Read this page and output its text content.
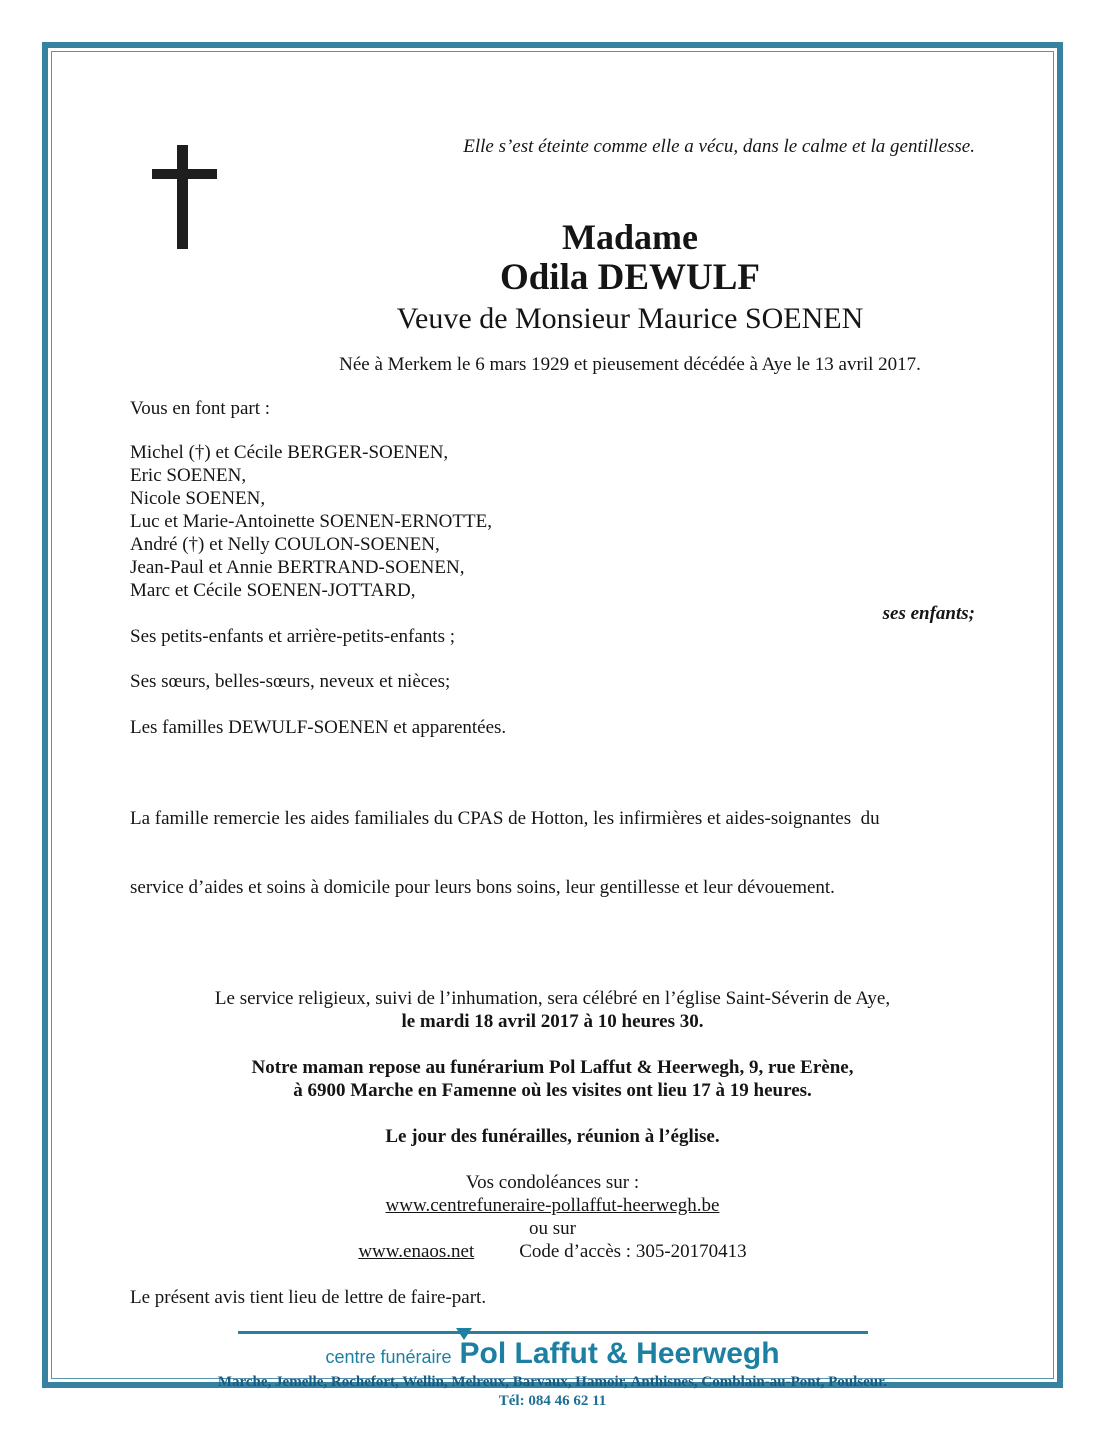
Elle s’est éteinte comme elle a vécu, dans le calme et la gentillesse.
Madame
Odila DEWULF
Veuve de Monsieur Maurice SOENEN
Née à Merkem le 6 mars 1929 et pieusement décédée à Aye le 13 avril 2017.
Vous en font part :
Michel (†) et Cécile BERGER-SOENEN,
Eric SOENEN,
Nicole SOENEN,
Luc et Marie-Antoinette SOENEN-ERNOTTE,
André (†) et Nelly COULON-SOENEN,
Jean-Paul et Annie BERTRAND-SOENEN,
Marc et Cécile SOENEN-JOTTARD,
ses enfants;
Ses petits-enfants et arrière-petits-enfants ;
Ses sœurs, belles-sœurs, neveux et nièces;
Les familles DEWULF-SOENEN et apparentées.

La famille remercie les aides familiales du CPAS de Hotton, les infirmières et aides-soignantes  du

service d’aides et soins à domicile pour leurs bons soins, leur gentillesse et leur dévouement.

Le service religieux, suivi de l’inhumation, sera célébré en l’église Saint-Séverin de Aye,
le mardi 18 avril 2017 à 10 heures 30.
Notre maman repose au funérarium Pol Laffut & Heerwegh, 9, rue Erène,
à 6900 Marche en Famenne où les visites ont lieu 17 à 19 heures.
Le jour des funérailles, réunion à l’église.
Vos condoléances sur :
www.centrefuneraire-pollaffut-heerwegh.be
ou sur
www.enaos.net Code d’accès : 305-20170413
Le présent avis tient lieu de lettre de faire-part.
centre funéraire Pol Laffut & Heerwegh
Marche, Jemelle, Rochefort, Wellin, Melreux, Barvaux, Hamoir, Anthisnes, Comblain-au-Pont, Poulseur.
Tél: 084 46 62 11
